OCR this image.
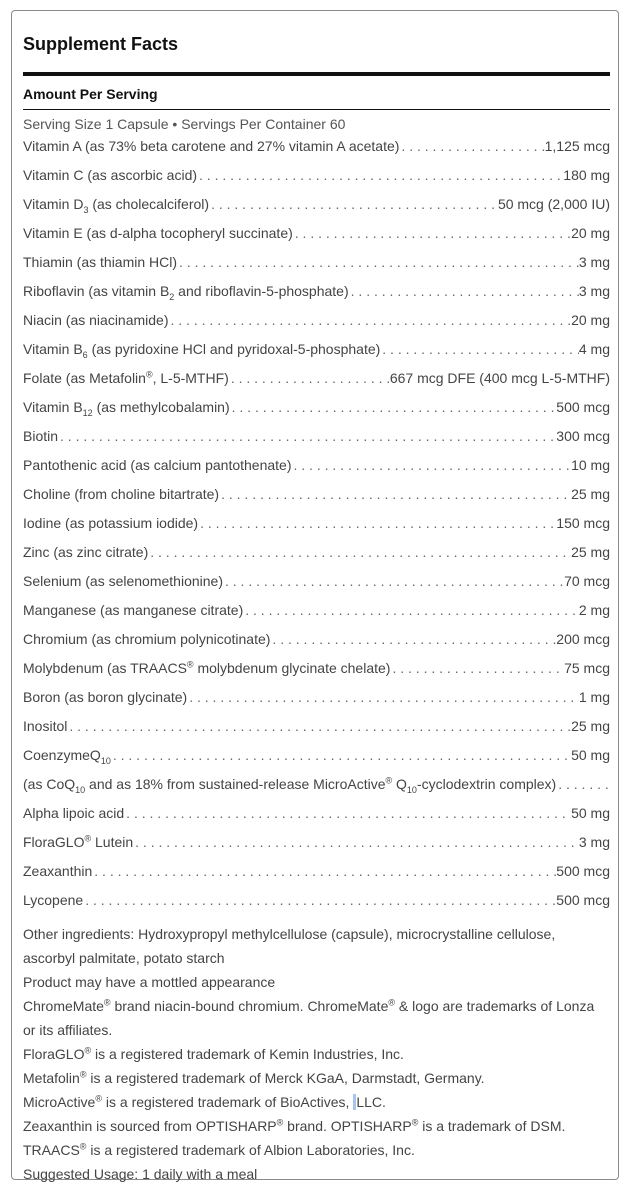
Supplement Facts
Amount Per Serving
Serving Size 1 Capsule • Servings Per Container 60
Vitamin A (as 73% beta carotene and 27% vitamin A acetate) . . .	1,125 mcg
Vitamin C (as ascorbic acid) . . .	180 mg
Vitamin $D_3$ (as cholecalciferol) . . .	50 mcg (2,000 IU)
Vitamin E (as d-alpha tocopheryl succinate) . . .	20 mg
Thiamin (as thiamin HCl) . . .	3 mg
Riboflavin (as vitamin $B_2$ and riboflavin-5-phosphate) . . .	3 mg
Niacin (as niacinamide) . . .	20 mg
Vitamin $B_6$ (as pyridoxine HCl and pyridoxal-5-phosphate) . . .	4 mg
Folate (as Metafolin®, L-5-MTHF) . . .	667 mcg DFE (400 mcg L-5-MTHF)
Vitamin $B_{12}$ (as methylcobalamin) . . .	500 mcg
Biotin . . .	300 mcg
Pantothenic acid (as calcium pantothenate) . . .	10 mg
Choline (from choline bitartrate) . . .	25 mg
Iodine (as potassium iodide) . . .	150 mcg
Zinc (as zinc citrate) . . .	25 mg
Selenium (as selenomethionine) . . .	70 mcg
Manganese (as manganese citrate) . . .	2 mg
Chromium (as chromium polynicotinate) . . .	200 mcg
Molybdenum (as TRAACS® molybdenum glycinate chelate) . . .	75 mcg
Boron (as boron glycinate) . . .	1 mg
Inositol . . .	25 mg
CoenzymeQ$_{10}$ . . .	50 mg
(as CoQ$_{10}$ and as 18% from sustained-release MicroActive® $Q_{10}$-cyclodextrin complex)
. . .
Alpha lipoic acid . . .	50 mg
FloraGLO® Lutein . . .	3 mg
Zeaxanthin . . .	500 mcg
Lycopene . . .	500 mcg
Other ingredients: Hydroxypropyl methylcellulose (capsule), microcrystalline cellulose,
ascorbyl palmitate, potato starch
Product may have a mottled appearance
ChromeMate® brand niacin-bound chromium. ChromeMate® & logo are trademarks of Lonza
or its affiliates.
FloraGLO® is a registered trademark of Kemin Industries, Inc.
Metafolin® is a registered trademark of Merck KGaA, Darmstadt, Germany.
MicroActive® is a registered trademark of BioActives, LLC.
Zeaxanthin is sourced from OPTISHARP® brand. OPTISHARP® is a trademark of DSM.
TRAACS® is a registered trademark of Albion Laboratories, Inc.
Suggested Usage: 1 daily with a meal
